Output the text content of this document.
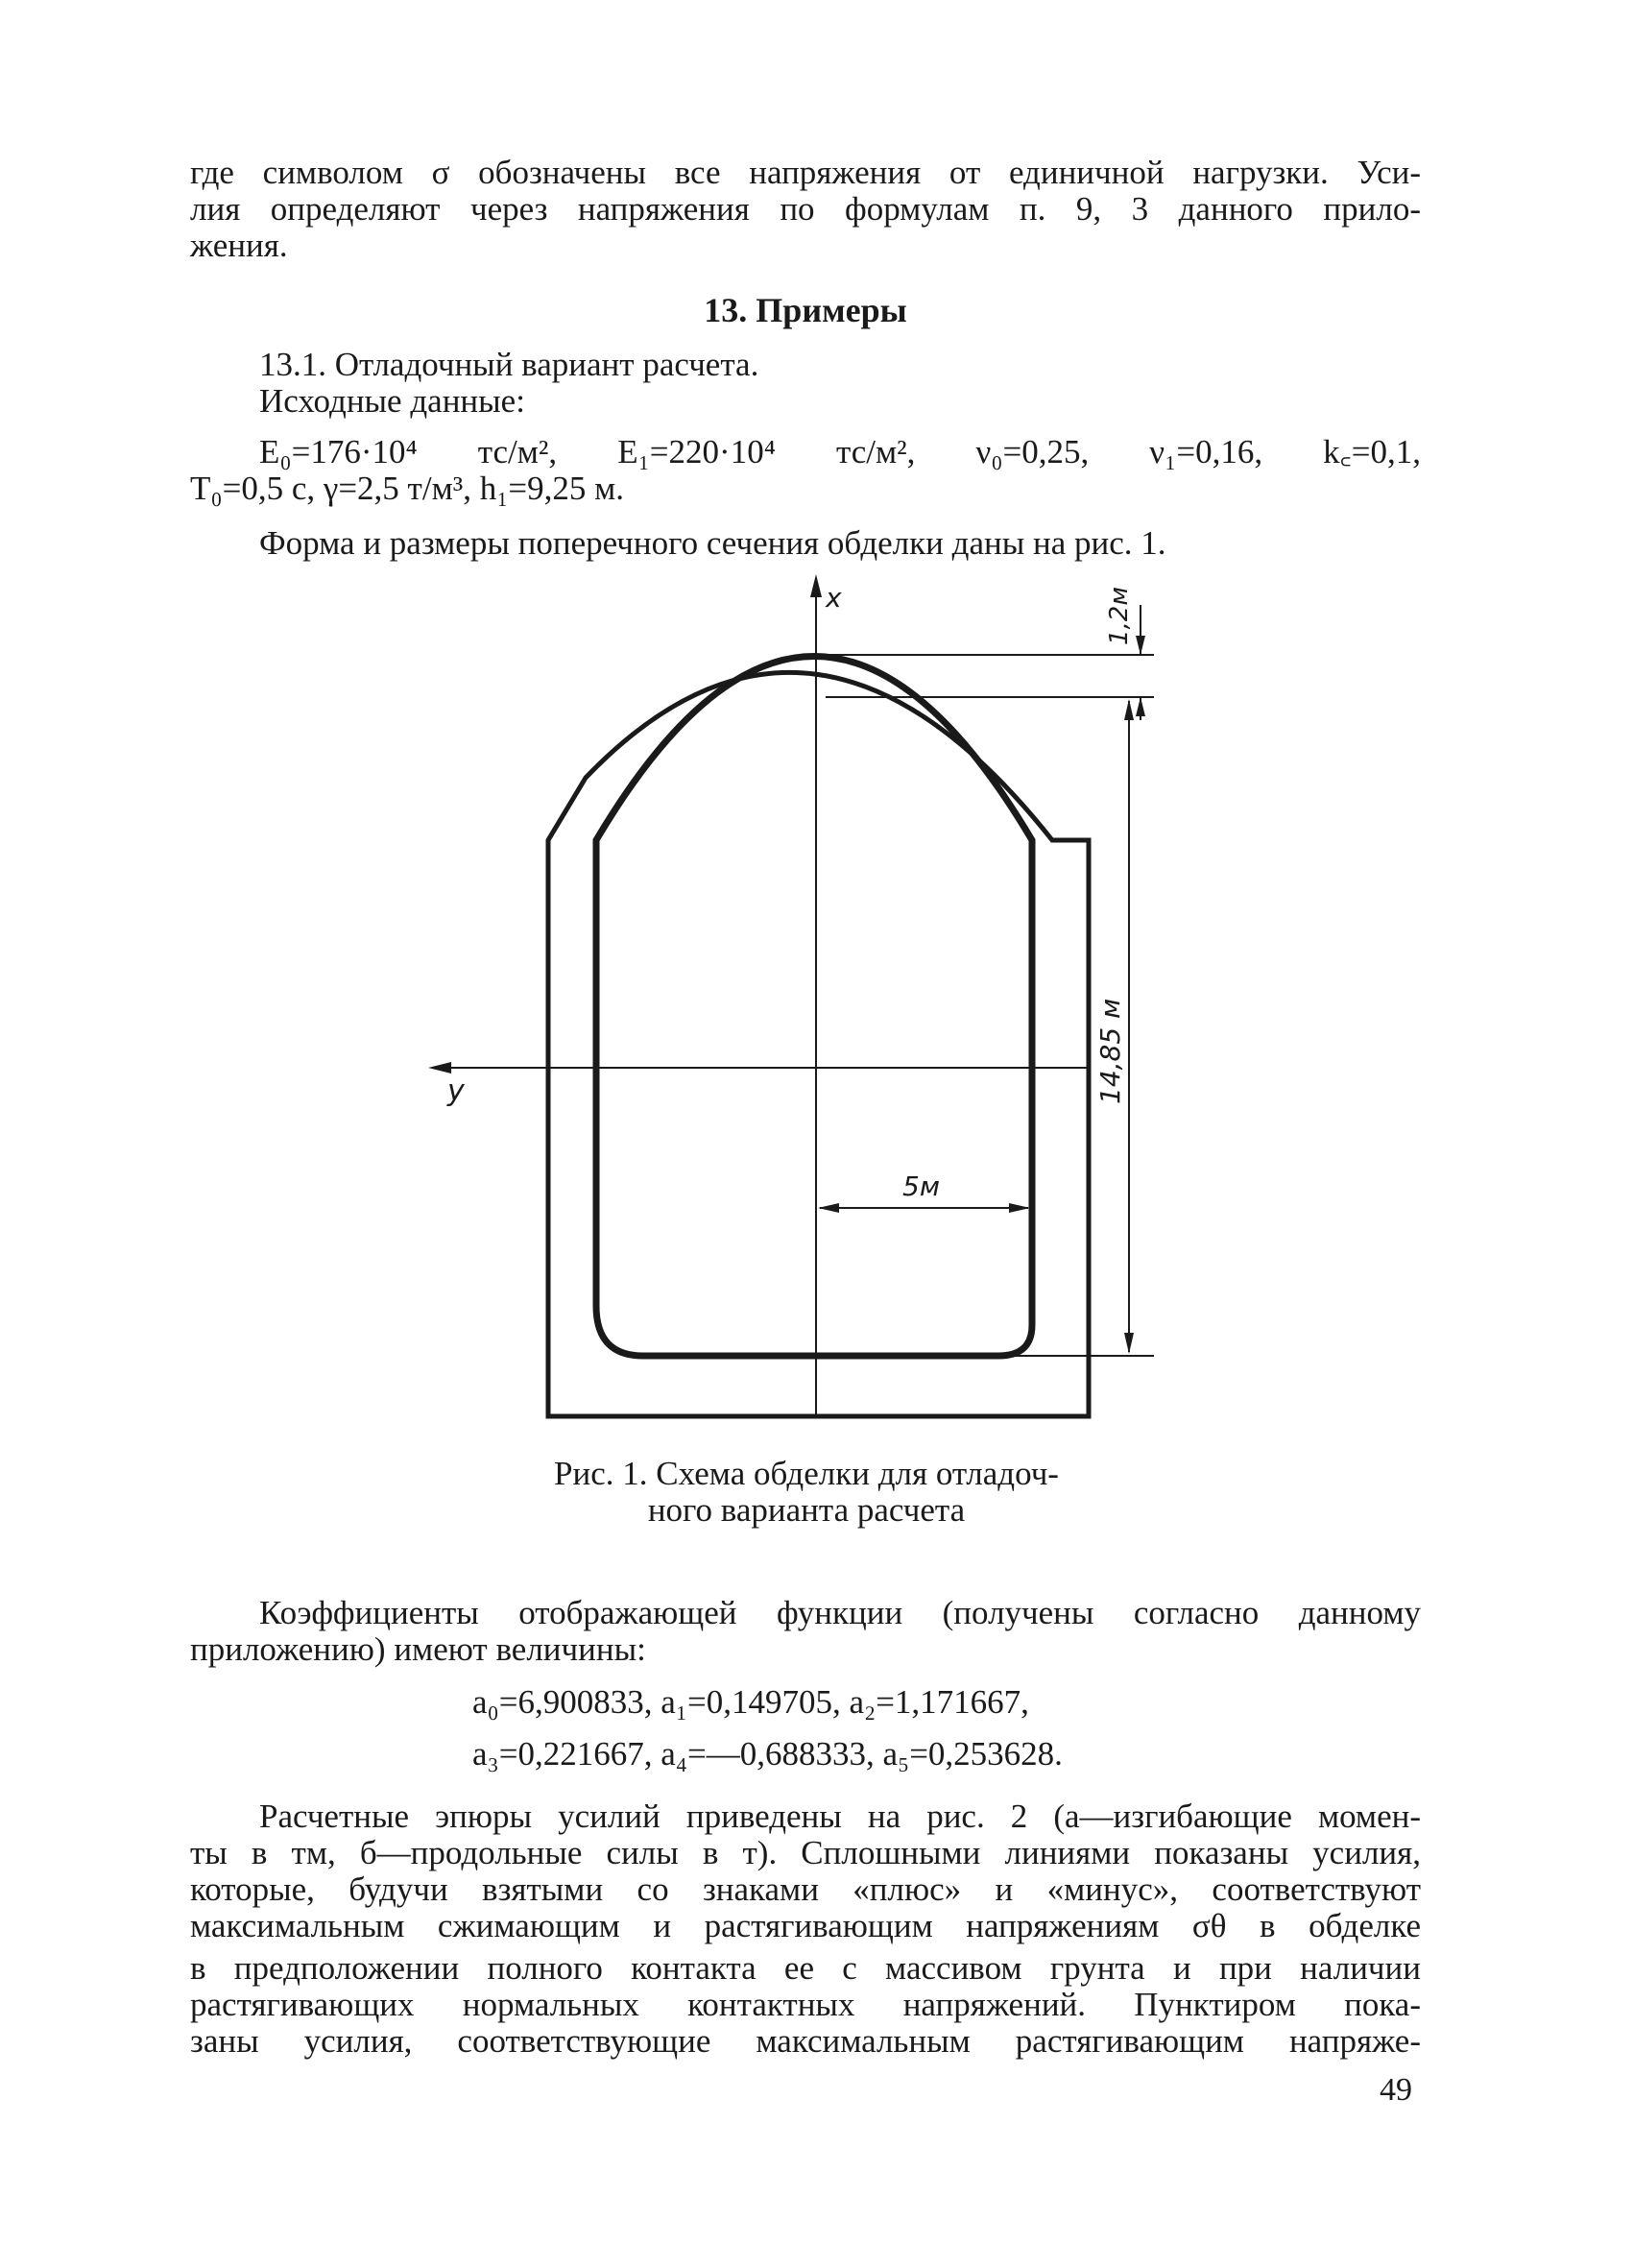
где символом σ обозначены все напряжения от единичной нагрузки. Уси-
лия определяют через напряжения по формулам п. 9, 3 данного прило-
жения.
13. Примеры
13.1. Отладочный вариант расчета.
Исходные данные:
E₀=176·10⁴ тс/м², E₁=220·10⁴ тс/м², ν₀=0,25, ν₁=0,16, k꜀=0,1,
T₀=0,5 с, γ=2,5 т/м³, h₁=9,25 м.
Форма и размеры поперечного сечения обделки даны на рис. 1.
x
y
5м
1,2м
14,85 м
Рис. 1. Схема обделки для отладоч-
ного варианта расчета
Коэффициенты отображающей функции (получены согласно данному
приложению) имеют величины:
a₀=6,900833, a₁=0,149705, a₂=1,171667,
a₃=0,221667, a₄=—0,688333, a₅=0,253628.
Расчетные эпюры усилий приведены на рис. 2 (а—изгибающие момен-
ты в тм, б—продольные силы в т). Сплошными линиями показаны усилия,
которые, будучи взятыми со знаками «плюс» и «минус», соответствуют
максимальным сжимающим и растягивающим напряжениям σθ в обделке
в предположении полного контакта ее с массивом грунта и при наличии
растягивающих нормальных контактных напряжений. Пунктиром пока-
заны усилия, соответствующие максимальным растягивающим напряже-
49
